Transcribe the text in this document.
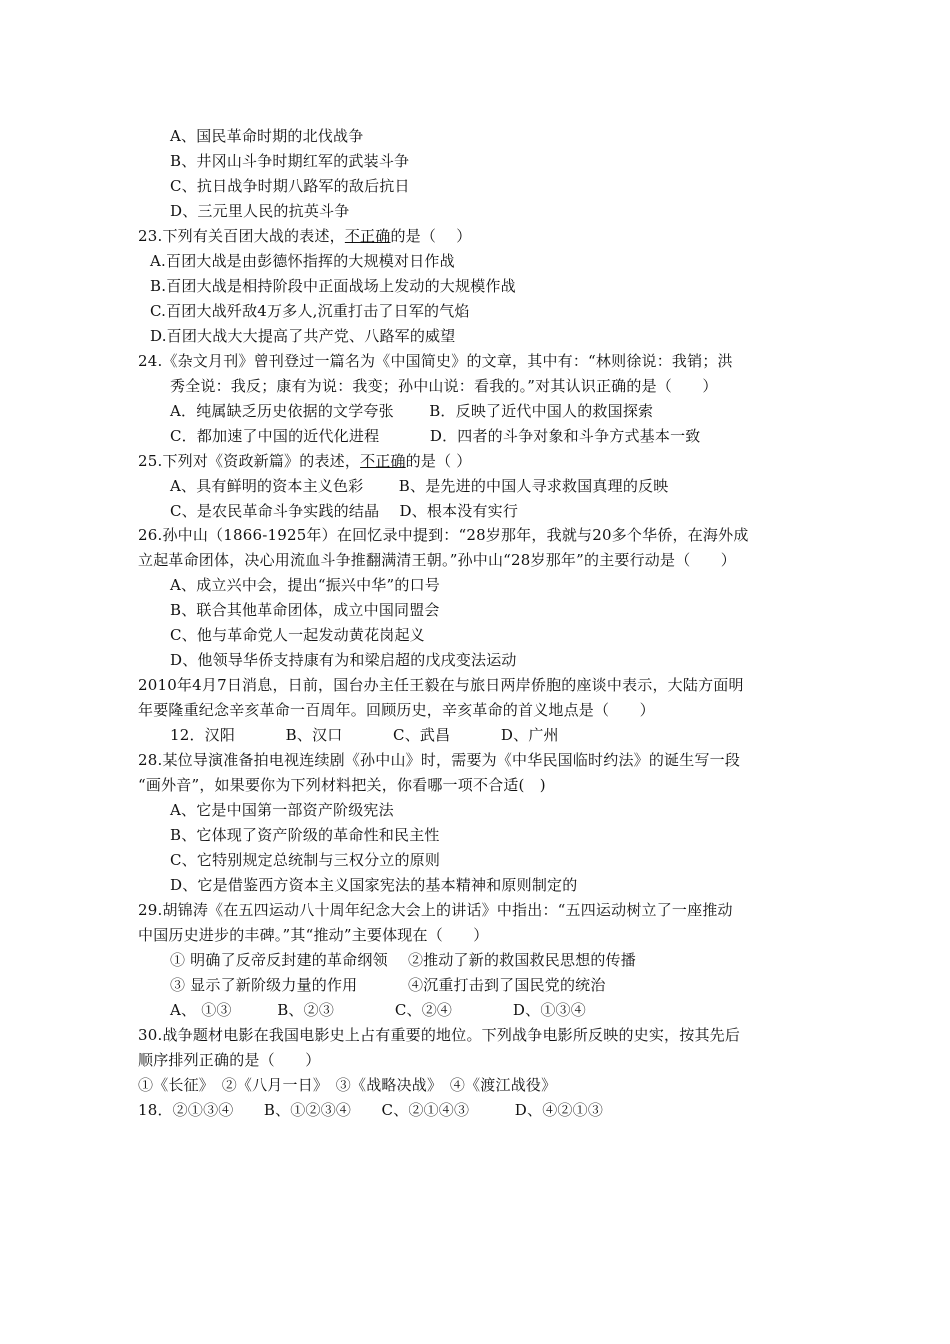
A、国民革命时期的北伐战争
B、井冈山斗争时期红军的武装斗争
C、抗日战争时期八路军的敌后抗日
D、三元里人民的抗英斗争
23.下列有关百团大战的表述，不正确的是（　 ）
A.百团大战是由彭德怀指挥的大规模对日作战
B.百团大战是相持阶段中正面战场上发动的大规模作战
C.百团大战歼敌4万多人,沉重打击了日军的气焰
D.百团大战大大提高了共产党、八路军的威望
24.《杂文月刊》曾刊登过一篇名为《中国简史》的文章，其中有：“林则徐说：我销；洪
秀全说：我反；康有为说：我变；孙中山说：看我的。”对其认识正确的是（　　）
A．纯属缺乏历史依据的文学夸张　　 B．反映了近代中国人的救国探索
C．都加速了中国的近代化进程　　　 D．四者的斗争对象和斗争方式基本一致
25.下列对《资政新篇》的表述，不正确的是（ ）
A、具有鲜明的资本主义色彩　　 B、是先进的中国人寻求救国真理的反映
C、是农民革命斗争实践的结晶　 D、根本没有实行
26.孙中山（1866-1925年）在回忆录中提到：“28岁那年，我就与20多个华侨，在海外成
立起革命团体，决心用流血斗争推翻满清王朝。”孙中山“28岁那年”的主要行动是（　　）
A、成立兴中会，提出“振兴中华”的口号
B、联合其他革命团体，成立中国同盟会
C、他与革命党人一起发动黄花岗起义
D、他领导华侨支持康有为和梁启超的戊戌变法运动
2010年4月7日消息，日前，国台办主任王毅在与旅日两岸侨胞的座谈中表示，大陆方面明
年要隆重纪念辛亥革命一百周年。回顾历史，辛亥革命的首义地点是（　　）
12．汉阳　　　 B、汉口　　　 C、武昌　　　 D、广州
28.某位导演准备拍电视连续剧《孙中山》时，需要为《中华民国临时约法》的诞生写一段
“画外音”，如果要你为下列材料把关，你看哪一项不合适(　)
A、它是中国第一部资产阶级宪法
B、它体现了资产阶级的革命性和民主性
C、它特别规定总统制与三权分立的原则
D、它是借鉴西方资本主义国家宪法的基本精神和原则制定的
29.胡锦涛《在五四运动八十周年纪念大会上的讲话》中指出：“五四运动树立了一座推动
中国历史进步的丰碑。”其“推动”主要体现在（　　）
① 明确了反帝反封建的革命纲领　 ②推动了新的救国救民思想的传播
③ 显示了新阶级力量的作用　　　 ④沉重打击到了国民党的统治
A、 ①③　　　B、②③　　　　C、②④　　　　D、①③④
30.战争题材电影在我国电影史上占有重要的地位。下列战争电影所反映的史实，按其先后
顺序排列正确的是（　　）
①《长征》　②《八月一日》　③《战略决战》　④《渡江战役》
18．②①③④　　B、①②③④　　C、②①④③　　　D、④②①③
